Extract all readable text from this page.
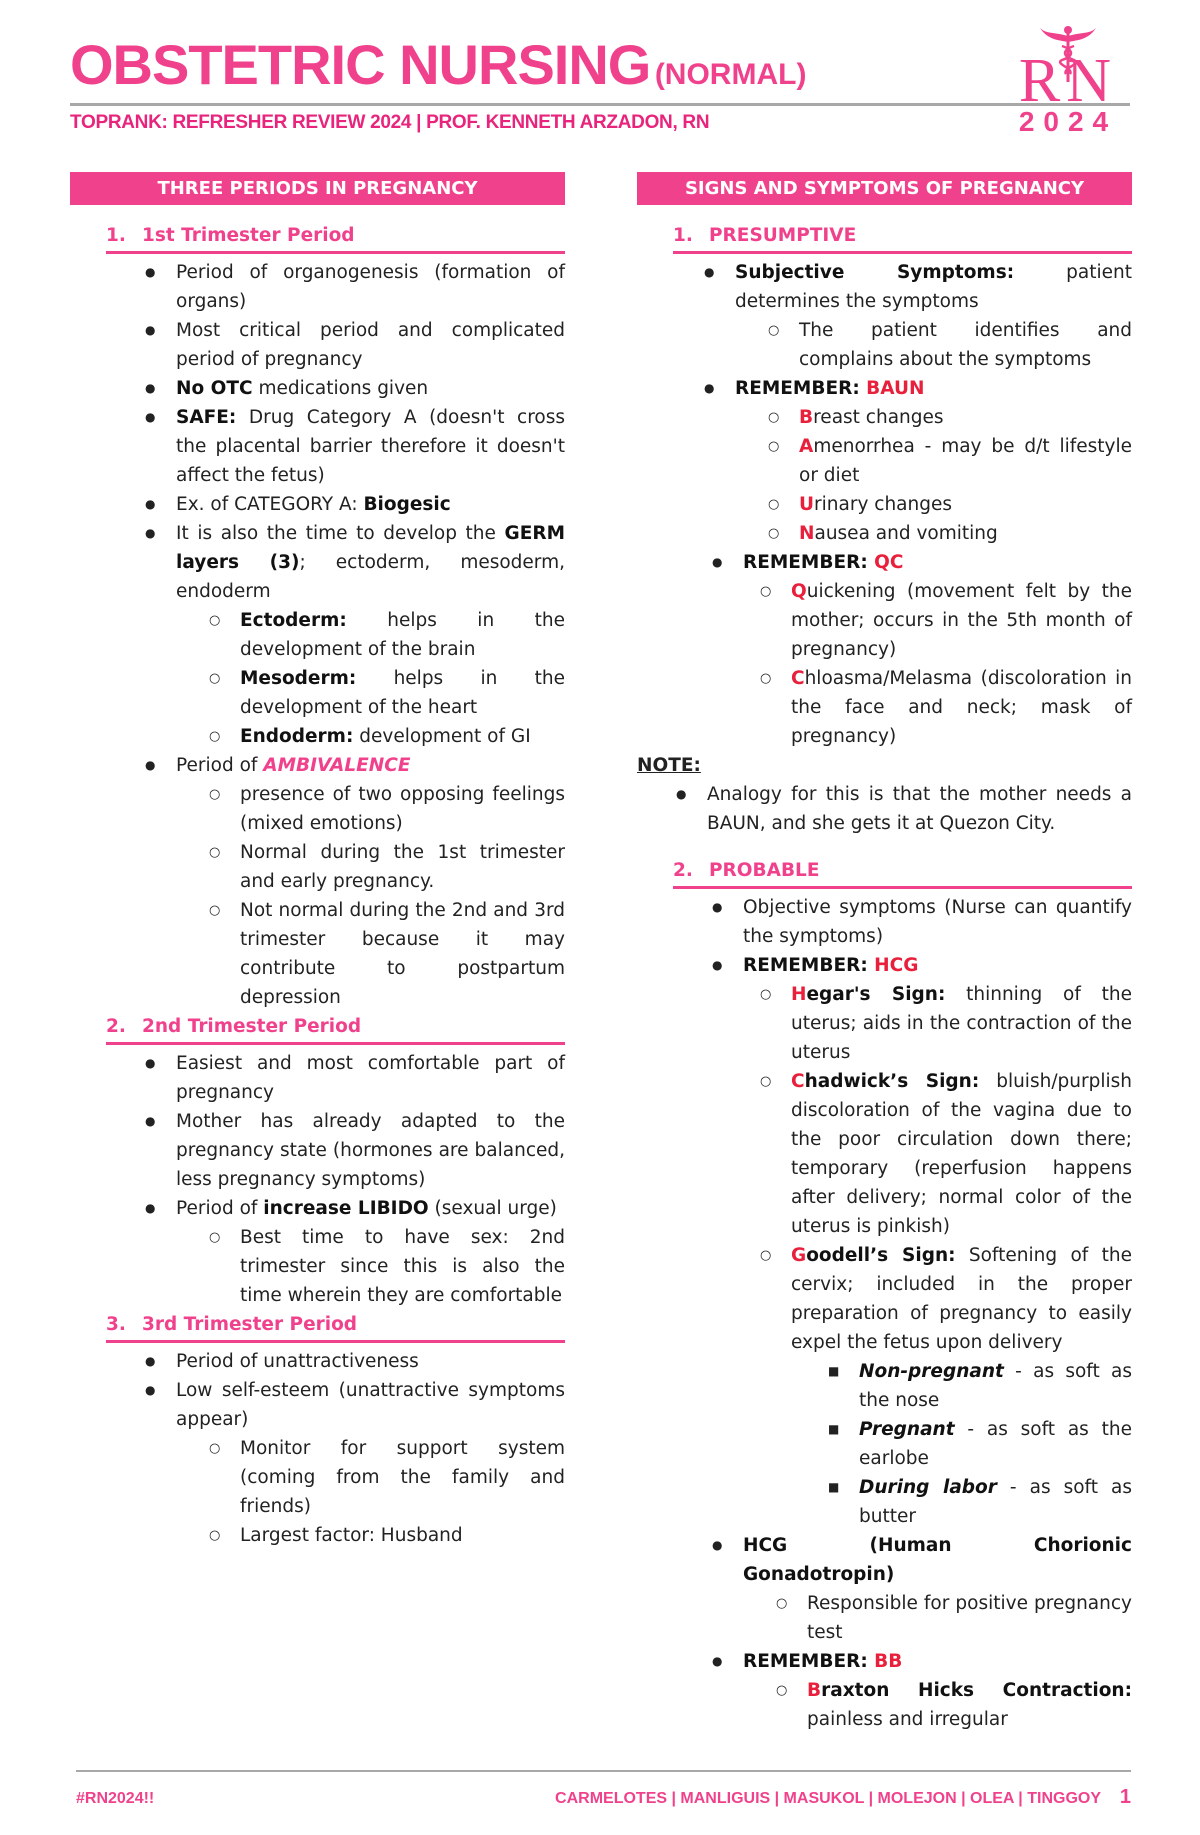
OBSTETRIC NURSING (NORMAL)
TOPRANK: REFRESHER REVIEW 2024 | PROF. KENNETH ARZADON, RN
RN
2024
THREE PERIODS IN PREGNANCY
1. 1st Trimester Period
● Period of organogenesis (formation of organs)
● Most critical period and complicated period of pregnancy
● No OTC medications given
● SAFE: Drug Category A (doesn't cross the placental barrier therefore it doesn't affect the fetus)
● Ex. of CATEGORY A: Biogesic
● It is also the time to develop the GERM layers (3); ectoderm, mesoderm, endoderm
○ Ectoderm: helps in the development of the brain
○ Mesoderm: helps in the development of the heart
○ Endoderm: development of GI
● Period of AMBIVALENCE
○ presence of two opposing feelings (mixed emotions)
○ Normal during the 1st trimester and early pregnancy.
○ Not normal during the 2nd and 3rd trimester because it may contribute to postpartum depression
2. 2nd Trimester Period
● Easiest and most comfortable part of pregnancy
● Mother has already adapted to the pregnancy state (hormones are balanced, less pregnancy symptoms)
● Period of increase LIBIDO (sexual urge)
○ Best time to have sex: 2nd trimester since this is also the time wherein they are comfortable
3. 3rd Trimester Period
● Period of unattractiveness
● Low self-esteem (unattractive symptoms appear)
○ Monitor for support system (coming from the family and friends)
○ Largest factor: Husband
SIGNS AND SYMPTOMS OF PREGNANCY
1. PRESUMPTIVE
● Subjective Symptoms: patient determines the symptoms
○ The patient identifies and complains about the symptoms
● REMEMBER: BAUN
○ Breast changes
○ Amenorrhea - may be d/t lifestyle or diet
○ Urinary changes
○ Nausea and vomiting
● REMEMBER: QC
○ Quickening (movement felt by the mother; occurs in the 5th month of pregnancy)
○ Chloasma/Melasma (discoloration in the face and neck; mask of pregnancy)
NOTE:
● Analogy for this is that the mother needs a BAUN, and she gets it at Quezon City.
2. PROBABLE
● Objective symptoms (Nurse can quantify the symptoms)
● REMEMBER: HCG
○ Hegar's Sign: thinning of the uterus; aids in the contraction of the uterus
○ Chadwick’s Sign: bluish/purplish discoloration of the vagina due to the poor circulation down there; temporary (reperfusion happens after delivery; normal color of the uterus is pinkish)
○ Goodell’s Sign: Softening of the cervix; included in the proper preparation of pregnancy to easily expel the fetus upon delivery
■ Non-pregnant - as soft as the nose
■ Pregnant - as soft as the earlobe
■ During labor - as soft as butter
● HCG (Human Chorionic Gonadotropin)
○ Responsible for positive pregnancy test
● REMEMBER: BB
○ Braxton Hicks Contraction: painless and irregular
#RN2024!!	CARMELOTES | MANLIGUIS | MASUKOL | MOLEJON | OLEA | TINGGOY 1
